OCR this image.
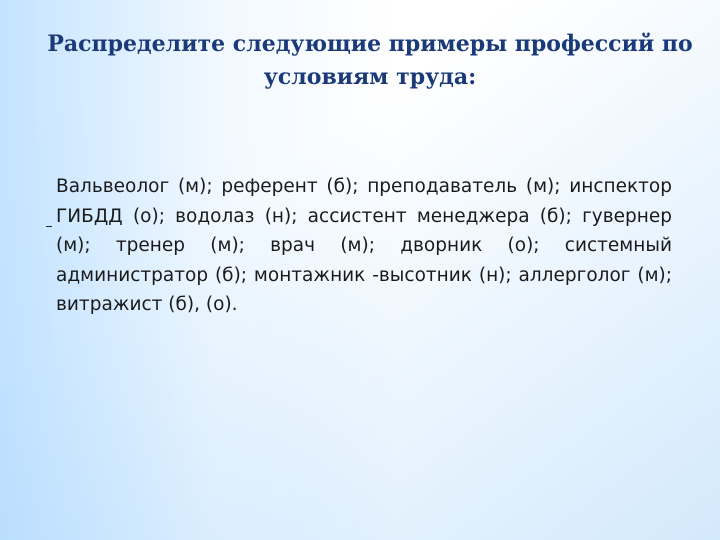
Распределите следующие примеры профессий по
условиям труда:
Вальвеолог (м); референт (б); преподаватель (м); инспектор ГИБДД (о); водолаз (н); ассистент менеджера (б); гувернер (м); тренер (м); врач (м); дворник (о); системный администратор (б); монтажник -высотник (н); аллерголог (м); витражист (б), (о).
